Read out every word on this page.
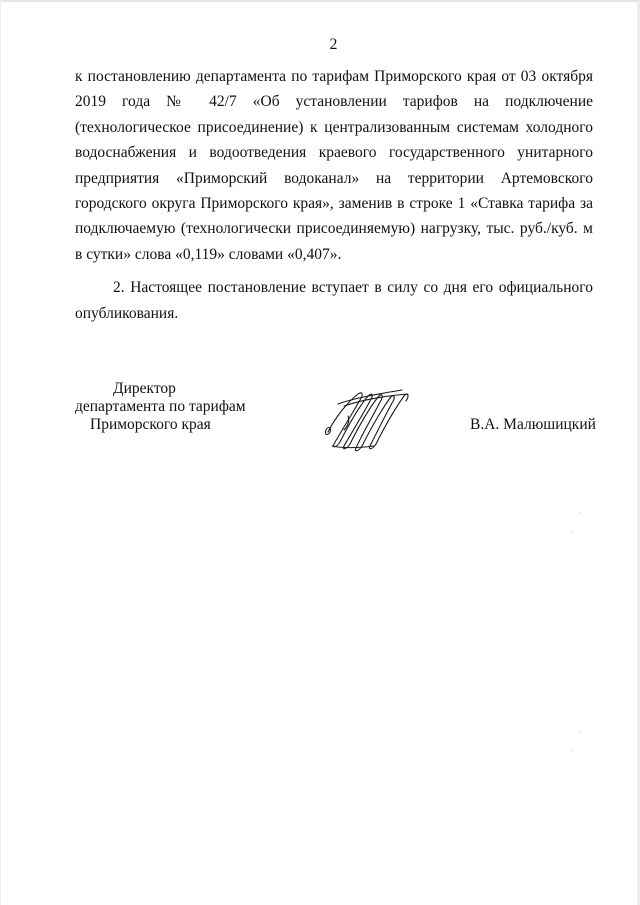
2

к постановлению департамента по тарифам Приморского края от 03 октября 2019 года № 42/7 «Об установлении тарифов на подключение (технологическое присоединение) к централизованным системам холодного водоснабжения и водоотведения краевого государственного унитарного предприятия «Приморский водоканал» на территории Артемовского городского округа Приморского края», заменив в строке 1 «Ставка тарифа за подключаемую (технологически присоединяемую) нагрузку, тыс. руб./куб. м в сутки» слова «0,119» словами «0,407».

2. Настоящее постановление вступает в силу со дня его официального опубликования.

Директор
департамента по тарифам
Приморского края	В.А. Малюшицкий
